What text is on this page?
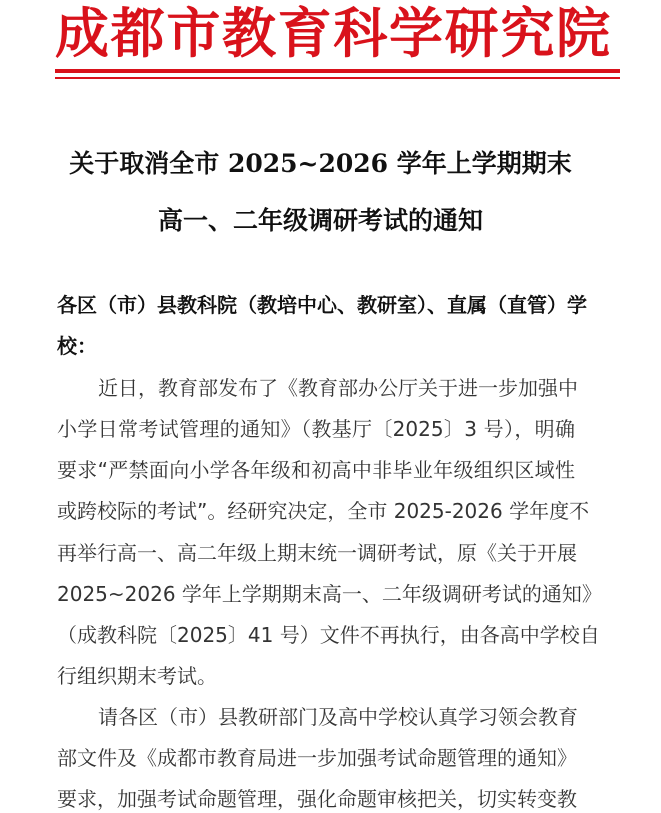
成都市教育科学研究院
关于取消全市 2025~2026 学年上学期期末
高一、二年级调研考试的通知
各区（市）县教科院（教培中心、教研室）、直属（直管）学
校：
近日，教育部发布了《教育部办公厅关于进一步加强中
小学日常考试管理的通知》（教基厅〔2025〕3 号），明确
要求“严禁面向小学各年级和初高中非毕业年级组织区域性
或跨校际的考试”。经研究决定，全市 2025-2026 学年度不
再举行高一、高二年级上期末统一调研考试，原《关于开展
2025~2026 学年上学期期末高一、二年级调研考试的通知》
（成教科院〔2025〕41 号）文件不再执行，由各高中学校自
行组织期末考试。
请各区（市）县教研部门及高中学校认真学习领会教育
部文件及《成都市教育局进一步加强考试命题管理的通知》
要求，加强考试命题管理，强化命题审核把关，切实转变教
